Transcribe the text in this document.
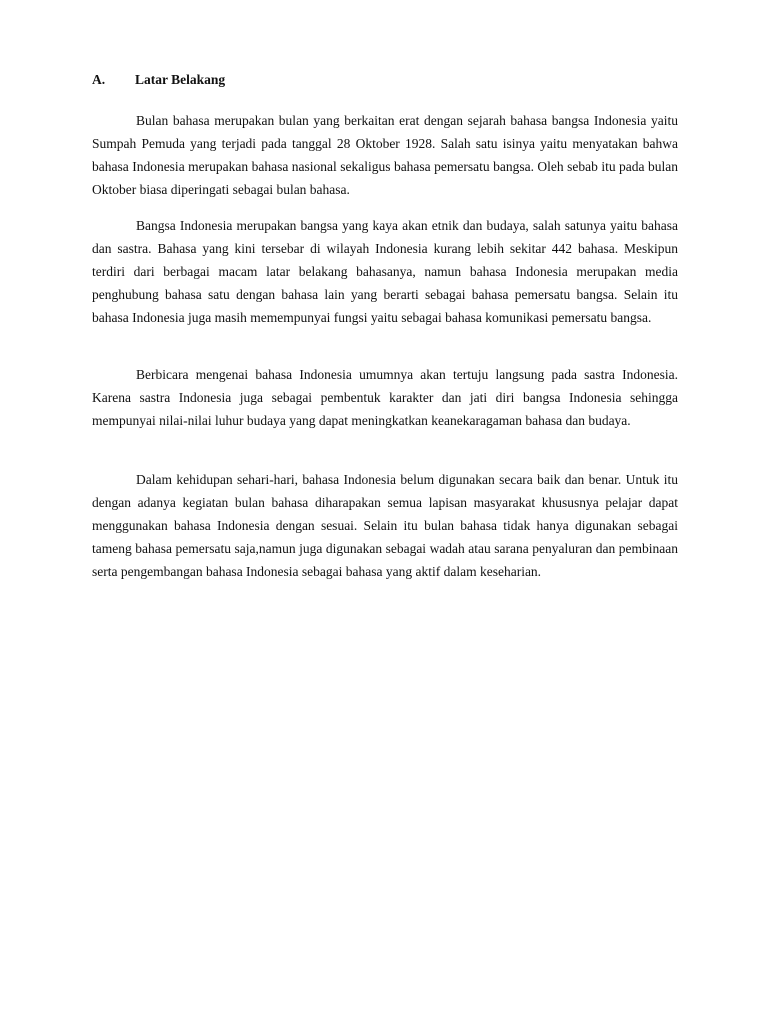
A. Latar Belakang

Bulan bahasa merupakan bulan yang berkaitan erat dengan sejarah bahasa bangsa Indonesia yaitu Sumpah Pemuda yang terjadi pada tanggal 28 Oktober 1928. Salah satu isinya yaitu menyatakan bahwa bahasa Indonesia merupakan bahasa nasional sekaligus bahasa pemersatu bangsa. Oleh sebab itu pada bulan Oktober biasa diperingati sebagai bulan bahasa.

Bangsa Indonesia merupakan bangsa yang kaya akan etnik dan budaya, salah satunya yaitu bahasa dan sastra. Bahasa yang kini tersebar di wilayah Indonesia kurang lebih sekitar 442 bahasa. Meskipun terdiri dari berbagai macam latar belakang bahasanya, namun bahasa Indonesia merupakan media penghubung bahasa satu dengan bahasa lain yang berarti sebagai bahasa pemersatu bangsa. Selain itu bahasa Indonesia juga masih memempunyai fungsi yaitu sebagai bahasa komunikasi pemersatu bangsa.

Berbicara mengenai bahasa Indonesia umumnya akan tertuju langsung pada sastra Indonesia. Karena sastra Indonesia juga sebagai pembentuk karakter dan jati diri bangsa Indonesia sehingga mempunyai nilai-nilai luhur budaya yang dapat meningkatkan keanekaragaman bahasa dan budaya.

Dalam kehidupan sehari-hari, bahasa Indonesia belum digunakan secara baik dan benar. Untuk itu dengan adanya kegiatan bulan bahasa diharapakan semua lapisan masyarakat khususnya pelajar dapat menggunakan bahasa Indonesia dengan sesuai. Selain itu bulan bahasa tidak hanya digunakan sebagai tameng bahasa pemersatu saja,namun juga digunakan sebagai wadah atau sarana penyaluran dan pembinaan serta pengembangan bahasa Indonesia sebagai bahasa yang aktif dalam keseharian.
